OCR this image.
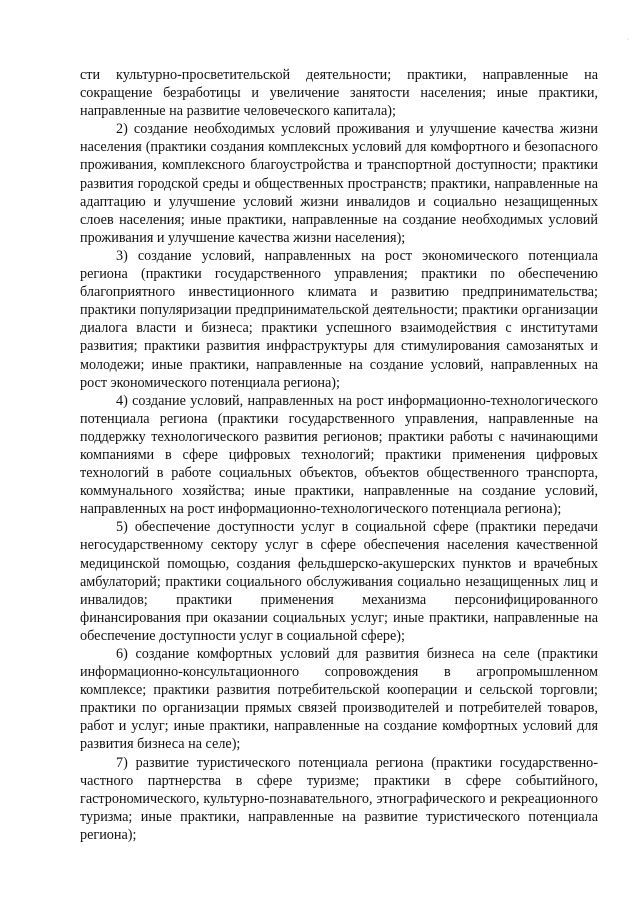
·

сти культурно-просветительской деятельности; практики, направленные на сокращение безработицы и увеличение занятости населения; иные практики, направленные на развитие человеческого капитала);

2) создание необходимых условий проживания и улучшение качества жизни населения (практики создания комплексных условий для комфортного и безопасного проживания, комплексного благоустройства и транспортной доступности; практики развития городской среды и общественных пространств; практики, направленные на адаптацию и улучшение условий жизни инвалидов и социально незащищенных слоев населения; иные практики, направленные на создание необходимых условий проживания и улучшение качества жизни населения);

3) создание условий, направленных на рост экономического потенциала региона (практики государственного управления; практики по обеспечению благоприятного инвестиционного климата и развитию предпринимательства; практики популяризации предпринимательской деятельности; практики организации диалога власти и бизнеса; практики успешного взаимодействия с институтами развития; практики развития инфраструктуры для стимулирования самозанятых и молодежи; иные практики, направленные на создание условий, направленных на рост экономического потенциала региона);

4) создание условий, направленных на рост информационно-технологического потенциала региона (практики государственного управления, направленные на поддержку технологического развития регионов; практики работы с начинающими компаниями в сфере цифровых технологий; практики применения цифровых технологий в работе социальных объектов, объектов общественного транспорта, коммунального хозяйства; иные практики, направленные на создание условий, направленных на рост информационно-технологического потенциала региона);

5) обеспечение доступности услуг в социальной сфере (практики передачи негосударственному сектору услуг в сфере обеспечения населения качественной медицинской помощью, создания фельдшерско-акушерских пунктов и врачебных амбулаторий; практики социального обслуживания социально незащищенных лиц и инвалидов; практики применения механизма персонифицированного финансирования при оказании социальных услуг; иные практики, направленные на обеспечение доступности услуг в социальной сфере);

6) создание комфортных условий для развития бизнеса на селе (практики информационно-консультационного сопровождения в агропромышленном комплексе; практики развития потребительской кооперации и сельской торговли; практики по организации прямых связей производителей и потребителей товаров, работ и услуг; иные практики, направленные на создание комфортных условий для развития бизнеса на селе);

7) развитие туристического потенциала региона (практики государственно-частного партнерства в сфере туризме; практики в сфере событийного, гастрономического, культурно-познавательного, этнографического и рекреационного туризма; иные практики, направленные на развитие туристического потенциала региона);
